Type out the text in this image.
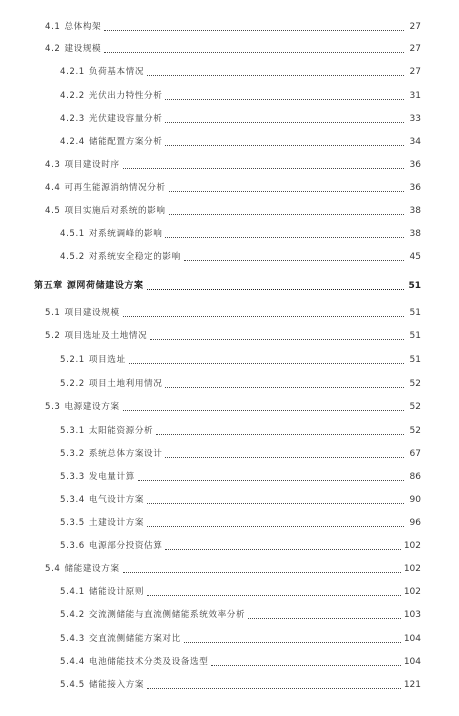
4.1 总体构架	27
4.2 建设规模	27
4.2.1 负荷基本情况	27
4.2.2 光伏出力特性分析	31
4.2.3 光伏建设容量分析	33
4.2.4 储能配置方案分析	34
4.3 项目建设时序	36
4.4 可再生能源消纳情况分析	36
4.5 项目实施后对系统的影响	38
4.5.1 对系统调峰的影响	38
4.5.2 对系统安全稳定的影响	45
第五章 源网荷储建设方案	51
5.1 项目建设规模	51
5.2 项目选址及土地情况	51
5.2.1 项目选址	51
5.2.2 项目土地利用情况	52
5.3 电源建设方案	52
5.3.1 太阳能资源分析	52
5.3.2 系统总体方案设计	67
5.3.3 发电量计算	86
5.3.4 电气设计方案	90
5.3.5 土建设计方案	96
5.3.6 电源部分投资估算	102
5.4 储能建设方案	102
5.4.1 储能设计原则	102
5.4.2 交流测储能与直流侧储能系统效率分析	103
5.4.3 交直流侧储能方案对比	104
5.4.4 电池储能技术分类及设备选型	104
5.4.5 储能接入方案	121
